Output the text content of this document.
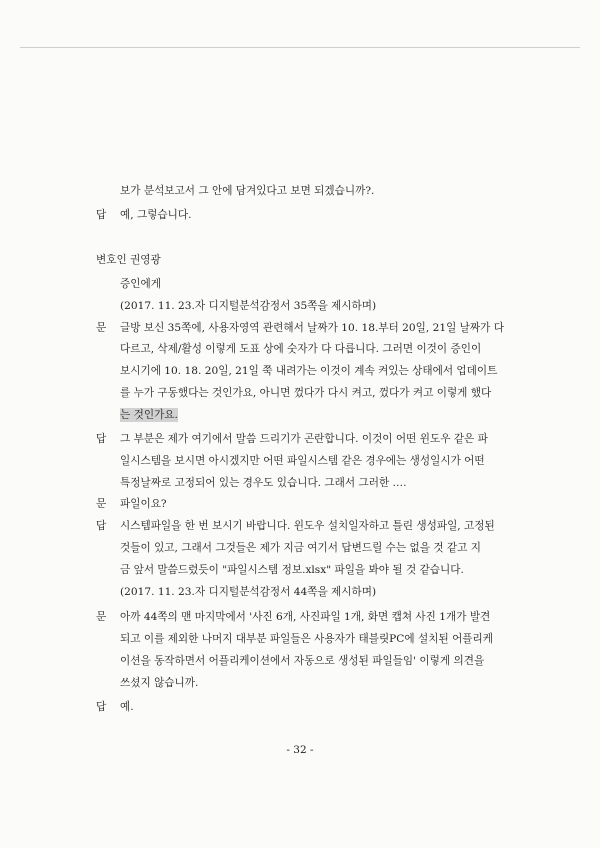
보가 분석보고서 그 안에 담겨있다고 보면 되겠습니까?.
답 예, 그렇습니다.
변호인 권영광
증인에게
(2017. 11. 23.자 디지털분석감정서 35쪽을 제시하며)
문 글방 보신 35쪽에, 사용자영역 관련해서 날짜가 10. 18.부터 20일, 21일 날짜가 다
다르고, 삭제/활성 이렇게 도표 상에 숫자가 다 다릅니다. 그러면 이것이 증인이
보시기에 10. 18. 20일, 21일 쭉 내려가는 이것이 계속 켜있는 상태에서 업데이트
를 누가 구동했다는 것인가요, 아니면 껐다가 다시 켜고, 껐다가 켜고 이렇게 했다
는 것인가요.
답 그 부분은 제가 여기에서 말씀 드리기가 곤란합니다. 이것이 어떤 윈도우 같은 파
일시스템을 보시면 아시겠지만 어떤 파일시스템 같은 경우에는 생성일시가 어떤
특정날짜로 고정되어 있는 경우도 있습니다. 그래서 그러한 ….
문 파일이요?
답 시스템파일을 한 번 보시기 바랍니다. 윈도우 설치일자하고 틀린 생성파일, 고정된
것들이 있고, 그래서 그것들은 제가 지금 여기서 답변드릴 수는 없을 것 같고 지
금 앞서 말씀드렸듯이 "파일시스템 정보.xlsx" 파일을 봐야 될 것 같습니다.
(2017. 11. 23.자 디지털분석감정서 44쪽을 제시하며)
문 아까 44쪽의 맨 마지막에서 '사진 6개, 사진파일 1개, 화면 캡쳐 사진 1개가 발견
되고 이를 제외한 나머지 대부분 파일들은 사용자가 태블릿PC에 설치된 어플리케
이션을 동작하면서 어플리케이션에서 자동으로 생성된 파일들임' 이렇게 의견을
쓰셨지 않습니까.
답 예.
- 32 -
